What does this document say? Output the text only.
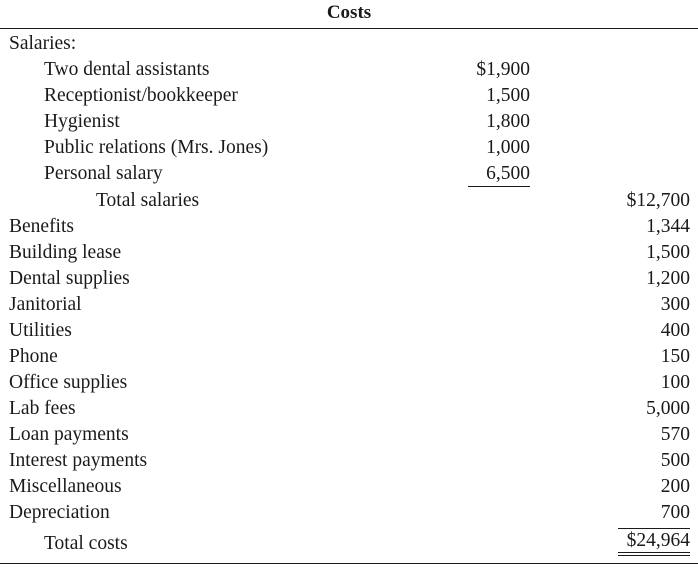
Costs
Salaries:
Two dental assistants	$1,900
Receptionist/bookkeeper	1,500
Hygienist	1,800
Public relations (Mrs. Jones)	1,000
Personal salary	6,500
Total salaries	$12,700
Benefits	1,344
Building lease	1,500
Dental supplies	1,200
Janitorial	300
Utilities	400
Phone	150
Office supplies	100
Lab fees	5,000
Loan payments	570
Interest payments	500
Miscellaneous	200
Depreciation	700
Total costs	$24,964
